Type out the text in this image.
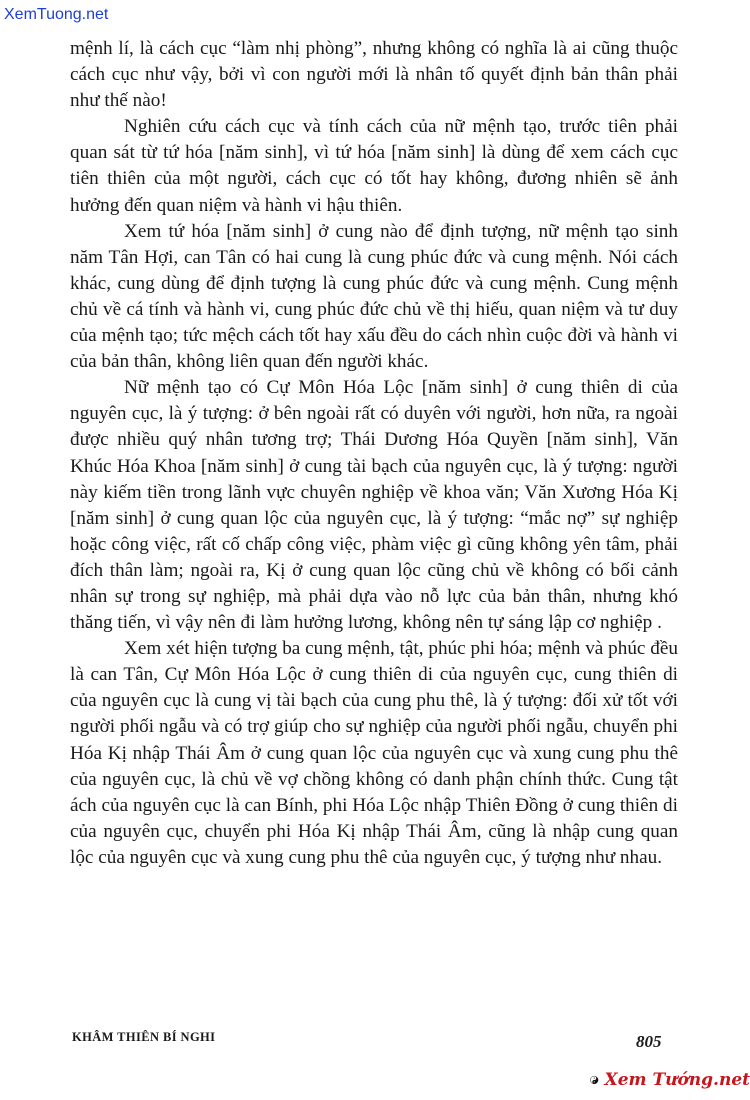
XemTuong.net

mệnh lí, là cách cục “làm nhị phòng”, nhưng không có nghĩa là ai cũng thuộc cách cục như vậy, bởi vì con người mới là nhân tố quyết định bản thân phải như thế nào!

Nghiên cứu cách cục và tính cách của nữ mệnh tạo, trước tiên phải quan sát từ tứ hóa [năm sinh], vì tứ hóa [năm sinh] là dùng để xem cách cục tiên thiên của một người, cách cục có tốt hay không, đương nhiên sẽ ảnh hưởng đến quan niệm và hành vi hậu thiên.

Xem tứ hóa [năm sinh] ở cung nào để định tượng, nữ mệnh tạo sinh năm Tân Hợi, can Tân có hai cung là cung phúc đức và cung mệnh. Nói cách khác, cung dùng để định tượng là cung phúc đức và cung mệnh. Cung mệnh chủ về cá tính và hành vi, cung phúc đức chủ về thị hiếu, quan niệm và tư duy của mệnh tạo; tức mệch cách tốt hay xấu đều do cách nhìn cuộc đời và hành vi của bản thân, không liên quan đến người khác.

Nữ mệnh tạo có Cự Môn Hóa Lộc [năm sinh] ở cung thiên di của nguyên cục, là ý tượng: ở bên ngoài rất có duyên với người, hơn nữa, ra ngoài được nhiều quý nhân tương trợ; Thái Dương Hóa Quyền [năm sinh], Văn Khúc Hóa Khoa [năm sinh] ở cung tài bạch của nguyên cục, là ý tượng: người này kiếm tiền trong lãnh vực chuyên nghiệp về khoa văn; Văn Xương Hóa Kị [năm sinh] ở cung quan lộc của nguyên cục, là ý tượng: “mắc nợ” sự nghiệp hoặc công việc, rất cố chấp công việc, phàm việc gì cũng không yên tâm, phải đích thân làm; ngoài ra, Kị ở cung quan lộc cũng chủ về không có bối cảnh nhân sự trong sự nghiệp, mà phải dựa vào nỗ lực của bản thân, nhưng khó thăng tiến, vì vậy nên đi làm hưởng lương, không nên tự sáng lập cơ nghiệp .

Xem xét hiện tượng ba cung mệnh, tật, phúc phi hóa; mệnh và phúc đều là can Tân, Cự Môn Hóa Lộc ở cung thiên di của nguyên cục, cung thiên di của nguyên cục là cung vị tài bạch của cung phu thê, là ý tượng: đối xử tốt với người phối ngẫu và có trợ giúp cho sự nghiệp của người phối ngẫu, chuyển phi Hóa Kị nhập Thái Âm ở cung quan lộc của nguyên cục và xung cung phu thê của nguyên cục, là chủ về vợ chồng không có danh phận chính thức. Cung tật ách của nguyên cục là can Bính, phi Hóa Lộc nhập Thiên Đồng ở cung thiên di của nguyên cục, chuyển phi Hóa Kị nhập Thái Âm, cũng là nhập cung quan lộc của nguyên cục và xung cung phu thê của nguyên cục, ý tượng như nhau.

KHÂM THIÊN BÍ NGHI	805
Xem Tướng.net
